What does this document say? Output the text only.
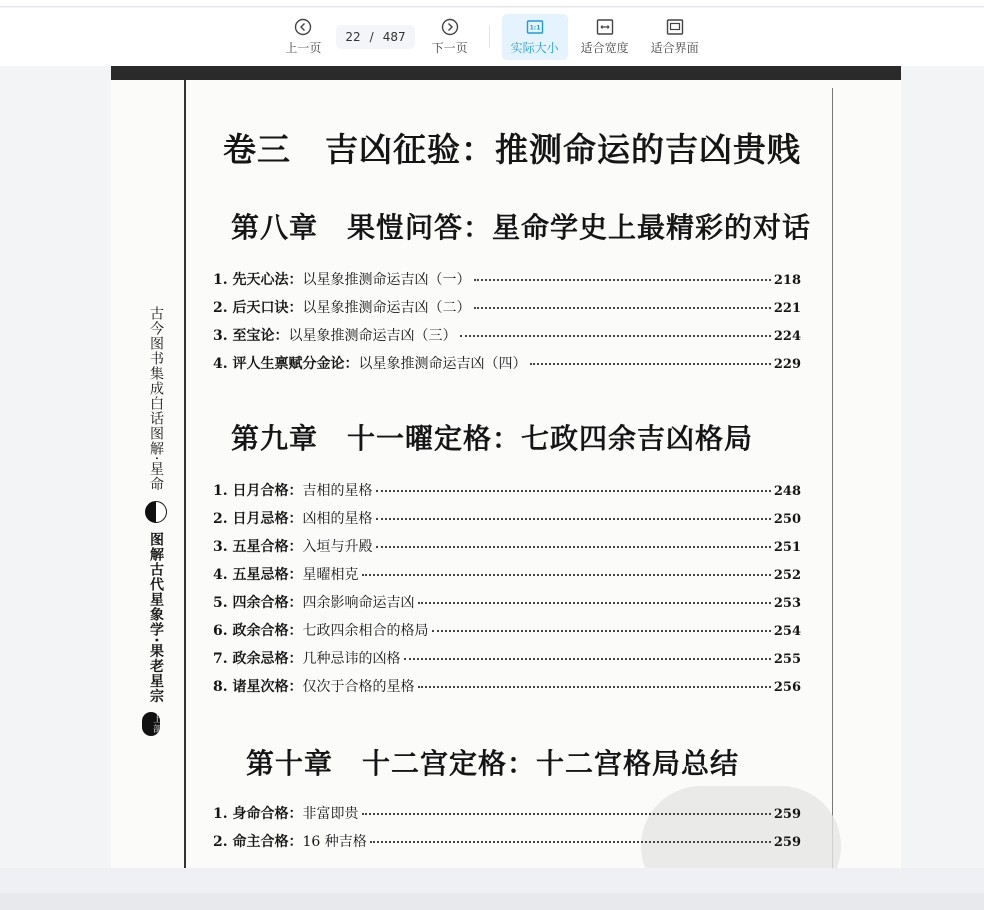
上一页
22 / 487
下一页
1:1
实际大小 适合宽度 适合界面
古今图书集成白话图解·星命  图解古代星象学·果老星宗 上部
卷三　吉凶征验：推测命运的吉凶贵贱
第八章　果愷问答：星命学史上最精彩的对话
1. 先天心法： 以星象推测命运吉凶（一）	218
2. 后天口诀： 以星象推测命运吉凶（二）	221
3. 至宝论： 以星象推测命运吉凶（三）	224
4. 评人生禀赋分金论： 以星象推测命运吉凶（四）	229
第九章　十一曜定格：七政四余吉凶格局
1. 日月合格： 吉相的星格	248
2. 日月忌格： 凶相的星格	250
3. 五星合格： 入垣与升殿	251
4. 五星忌格： 星曜相克	252
5. 四余合格： 四余影响命运吉凶	253
6. 政余合格： 七政四余相合的格局	254
7. 政余忌格： 几种忌讳的凶格	255
8. 诸星次格： 仅次于合格的星格	256
第十章　十二宫定格：十二宫格局总结
1. 身命合格： 非富即贵	259
2. 命主合格： 16 种吉格	259
